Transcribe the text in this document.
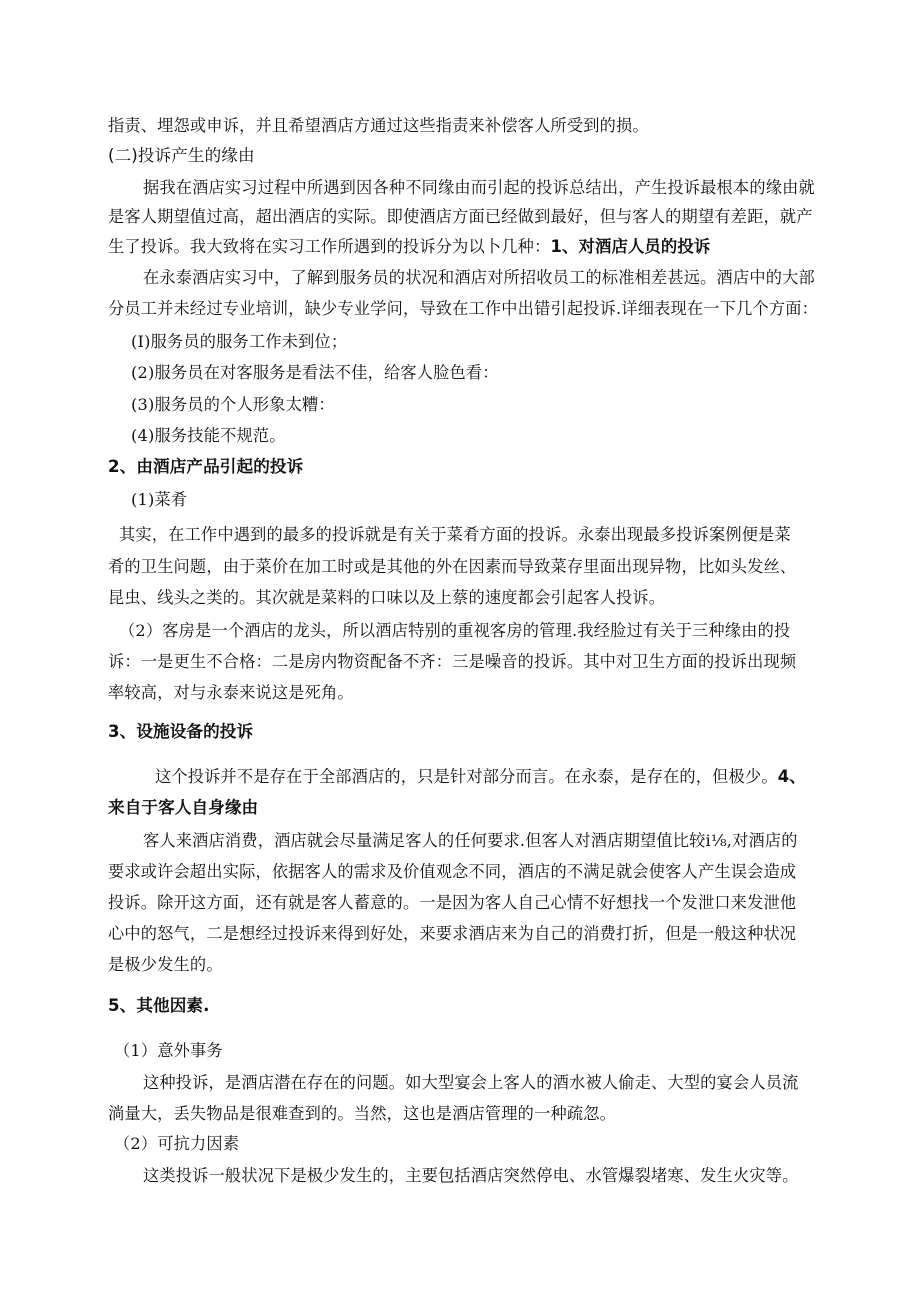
指责、埋怨或申诉，并且希望酒店方通过这些指责来补偿客人所受到的损。
(二)投诉产生的缘由
据我在酒店实习过程中所遇到因各种不同缘由而引起的投诉总结出，产生投诉最根本的缘由就
是客人期望值过高，超出酒店的实际。即使酒店方面已经做到最好，但与客人的期望有差距，就产
生了投诉。我大致将在实习工作所遇到的投诉分为以卜几种：1、对酒店人员的投诉
在永泰酒店实习中，了解到服务员的状况和酒店对所招收员工的标准相差甚远。酒店中的大部
分员工并未经过专业培训，缺少专业学问，导致在工作中出错引起投诉.详细表现在一下几个方面：
(I)服务员的服务工作未到位；
(2)服务员在对客服务是看法不佳，给客人脸色看：
(3)服务员的个人形象太糟：
(4)服务技能不规范。
2、由酒店产品引起的投诉
(1)菜肴
其实，在工作中遇到的最多的投诉就是有关于菜肴方面的投诉。永泰出现最多投诉案例便是菜
肴的卫生问题，由于菜价在加工时或是其他的外在因素而导致菜存里面出现异物，比如头发丝、
昆虫、线头之类的。其次就是菜料的口味以及上蔡的速度都会引起客人投诉。
（2）客房是一个酒店的龙头，所以酒店特别的重视客房的管理.我经脸过有关于三种缘由的投
诉：一是更生不合格：二是房内物资配备不齐：三是噪音的投诉。其中对卫生方面的投诉出现频
率较高，对与永泰来说这是死角。
3、设施设备的投诉
这个投诉并不是存在于全部酒店的，只是针对部分而言。在永泰，是存在的，但极少。4、
来自于客人自身缘由
客人来酒店消费，酒店就会尽量满足客人的任何要求.但客人对酒店期望值比较i⅛,对酒店的
要求或许会超出实际，依据客人的需求及价值观念不同，酒店的不满足就会使客人产生误会造成
投诉。除开这方面，还有就是客人蓄意的。一是因为客人自己心情不好想找一个发泄口来发泄他
心中的怒气，二是想经过投诉来得到好处，来要求酒店来为自己的消费打折，但是一般这种状况
是极少发生的。
5、其他因素.
（1）意外事务
这种投诉，是酒店潜在存在的问题。如大型宴会上客人的酒水被人偷走、大型的宴会人员流
淌量大，丢失物品是很难查到的。当然，这也是酒店管理的一种疏忽。
（2）可抗力因素
这类投诉一般状况下是极少发生的，主要包括酒店突然停电、水管爆裂堵寒、发生火灾等。
